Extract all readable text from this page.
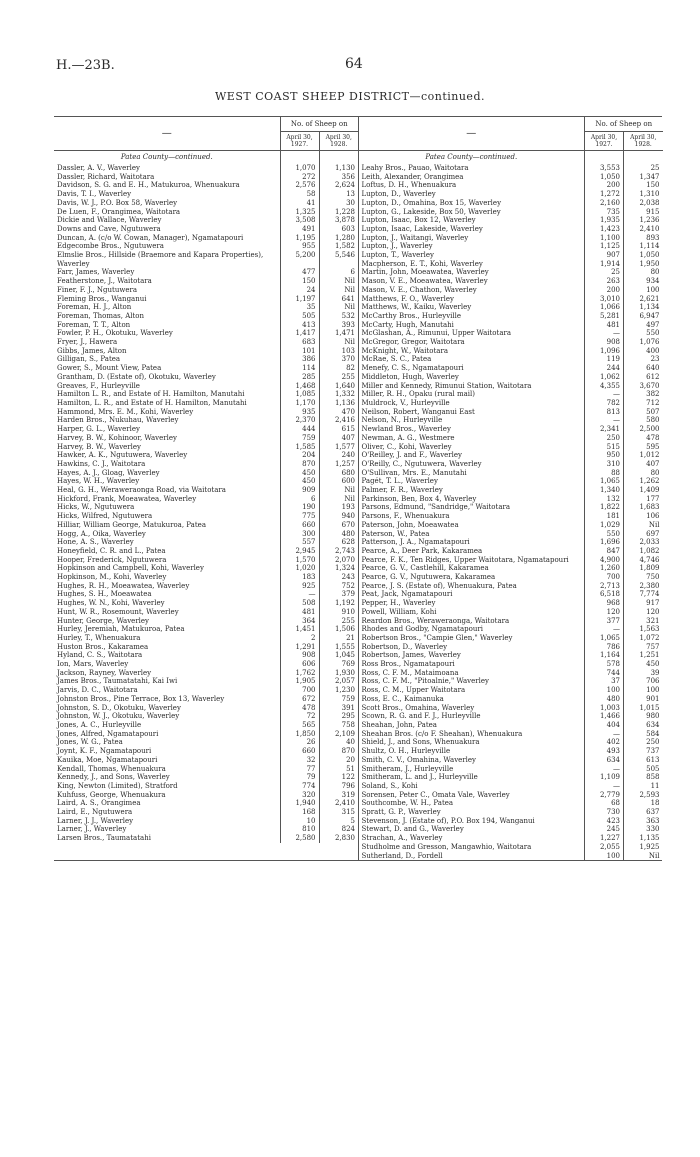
H.—23B.	64
WEST COAST SHEEP DISTRICT—continued.
—	No. of Sheep on
April 30, 1927.	April 30, 1928.
Patea County—continued.		
Dassler, A. V., Waverley	1,070	1,130
Dassler, Richard, Waitotara	272	356
Davidson, S. G. and E. H., Matukuroa, Whenuakura	2,576	2,624
Davis, T. I., Waverley	58	13
Davis, W. J., P.O. Box 58, Waverley	41	30
De Luen, F., Orangimea, Waitotara	1,325	1,228
Dickie and Wallace, Waverley	3,508	3,878
Downs and Cave, Ngutuwera	491	603
Duncan, A. (c/o W. Cowan, Manager), Ngamatapouri	1,195	1,280
Edgecombe Bros., Ngutuwera	955	1,582
Elmslie Bros., Hillside (Braemore and Kapara Properties), Waverley	5,200	5,546
Farr, James, Waverley	477	6
Featherstone, J., Waitotara	150	Nil
Finer, F. J., Ngutuwera	24	Nil
Fleming Bros., Wanganui	1,197	641
Foreman, H. J., Alton	35	Nil
Foreman, Thomas, Alton	505	532
Foreman, T. T., Alton	413	393
Fowler, P. H., Okotuku, Waverley	1,417	1,471
Fryer, J., Hawera	683	Nil
Gibbs, James, Alton	101	103
Gilligan, S., Patea	386	370
Gower, S., Mount View, Patea	114	82
Grantham, D. (Estate of), Okotuku, Waverley	285	255
Greaves, F., Hurleyville	1,468	1,640
Hamilton L. R., and Estate of H. Hamilton, Manutahi	1,085	1,332
Hamilton, L. R., and Estate of H. Hamilton, Manutahi	1,170	1,136
Hammond, Mrs. E. M., Kohi, Waverley	935	470
Harden Bros., Nukuhau, Waverley	2,370	2,416
Harper, G. L., Waverley	444	615
Harvey, B. W., Kohinoor, Waverley	759	407
Harvey, B. W., Waverley	1,585	1,577
Hawker, A. K., Ngutuwera, Waverley	204	240
Hawkins, C. J., Waitotara	870	1,257
Hayes, A. J., Gloag, Waverley	450	680
Hayes, W. H., Waverley	450	600
Heal, G. H., Weraweraonga Road, via Waitotara	909	Nil
Hickford, Frank, Moeawatea, Waverley	6	Nil
Hicks, W., Ngutuwera	190	193
Hicks, Wilfred, Ngutuwera	775	940
Hilliar, William George, Matukuroa, Patea	660	670
Hogg, A., Oika, Waverley	300	480
Hone, A. S., Waverley	557	628
Honeyfield, C. R. and L., Patea	2,945	2,743
Hooper, Frederick, Ngutuwera	1,570	2,070
Hopkinson and Campbell, Kohi, Waverley	1,020	1,324
Hopkinson, M., Kohi, Waverley	183	243
Hughes, R. H., Moeawatea, Waverley	925	752
Hughes, S. H., Moeawatea	—	379
Hughes, W. N., Kohi, Waverley	508	1,192
Hunt, W. R., Rosemount, Waverley	481	910
Hunter, George, Waverley	364	255
Hurley, Jeremiah, Matukuroa, Patea	1,451	1,506
Hurley, T., Whenuakura	2	21
Huston Bros., Kakaramea	1,291	1,555
Hyland, C. S., Waitotara	908	1,045
Ion, Mars, Waverley	606	769
Jackson, Rayney, Waverley	1,762	1,930
James Bros., Taumatatahi, Kai Iwi	1,905	2,057
Jarvis, D. C., Waitotara	700	1,230
Johnston Bros., Pine Terrace, Box 13, Waverley	672	759
Johnston, S. D., Okotuku, Waverley	478	391
Johnston, W. J., Okotuku, Waverley	72	295
Jones, A. C., Hurleyville	565	758
Jones, Alfred, Ngamatapouri	1,850	2,109
Jones, W. G., Patea	26	40
Joynt, K. F., Ngamatapouri	660	870
Kauika, Moe, Ngamatapouri	32	20
Kendall, Thomas, Whenuakura	77	51
Kennedy, J., and Sons, Waverley	79	122
King, Newton (Limited), Stratford	774	796
Kuhfuss, George, Whenuakura	320	319
Laird, A. S., Orangimea	1,940	2,410
Laird, E., Ngutuwera	168	315
Larner, J. J., Waverley	10	5
Larner, J., Waverley	810	824
Larsen Bros., Taumatatahi	2,580	2,830

—	No. of Sheep on
April 30, 1927.	April 30, 1928.
Patea County—continued.		
Leahy Bros., Pauao, Waitotara	3,553	25
Leith, Alexander, Orangimea	1,050	1,347
Loftus, D. H., Whenuakura	200	150
Lupton, D., Waverley	1,272	1,310
Lupton, D., Omahina, Box 15, Waverley	2,160	2,038
Lupton, G., Lakeside, Box 50, Waverley	735	915
Lupton, Isaac, Box 12, Waverley	1,935	1,236
Lupton, Isaac, Lakeside, Waverley	1,423	2,410
Lupton, J., Waitangi, Waverley	1,100	893
Lupton, J., Waverley	1,125	1,114
Lupton, T., Waverley	907	1,050
Macpherson, E. T., Kohi, Waverley	1,914	1,950
Martin, John, Moeawatea, Waverley	25	80
Mason, V. E., Moeawatea, Waverley	263	934
Mason, V. E., Chathon, Waverley	200	100
Matthews, F. O., Waverley	3,010	2,621
Matthews, W., Kaiku, Waverley	1,066	1,134
McCarthy Bros., Hurleyville	5,281	6,947
McCarty, Hugh, Manutahi	481	497
McGlashan, A., Rimunui, Upper Waitotara	—	550
McGregor, Gregor, Waitotara	908	1,076
McKnight, W., Waitotara	1,096	400
McRae, S. C., Patea	119	23
Menefy, C. S., Ngamatapouri	244	640
Middleton, Hugh, Waverley	1,062	612
Miller and Kennedy, Rimunui Station, Waitotara	4,355	3,670
Miller, R. H., Opaku (rural mail)	—	382
Muldrock, V., Hurleyville	782	712
Neilson, Robert, Wanganui East	813	507
Nelson, N., Hurleyville	—	580
Newland Bros., Waverley	2,341	2,500
Newman, A. G., Westmere	250	478
Oliver, C., Kohi, Waverley	515	595
O'Reilley, J. and F., Waverley	950	1,012
O'Reilly, C., Ngutuwera, Waverley	310	407
O'Sullivan, Mrs. E., Manutahi	88	80
Pagét, T. L., Waverley	1,065	1,262
Palmer, F. R., Waverley	1,340	1,409
Parkinson, Ben, Box 4, Waverley	132	177
Parsons, Edmund, "Sandridge," Waitotara	1,822	1,683
Parsons, F., Whenuakura	181	106
Paterson, John, Moeawatea	1,029	Nil
Paterson, W., Patea	550	697
Patterson, J. A., Ngamatapouri	1,696	2,033
Pearce, A., Deer Park, Kakaramea	847	1,082
Pearce, F. K., Ten Ridges, Upper Waitotara, Ngamatapouri	4,900	4,746
Pearce, G. V., Castlehill, Kakaramea	1,260	1,809
Pearce, G. V., Ngutuwera, Kakaramea	700	750
Pearce, J. S. (Estate of), Whenuakura, Patea	2,713	2,380
Peat, Jack, Ngamatapouri	6,518	7,774
Pepper, H., Waverley	968	917
Powell, William, Kohi	120	120
Reardon Bros., Weraweraonga, Waitotara	377	321
Rhodes and Godby, Ngamatapouri	—	1,563
Robertson Bros., "Campie Glen," Waverley	1,065	1,072
Robertson, D., Waverley	786	757
Robertson, James, Waverley	1,164	1,251
Ross Bros., Ngamatapouri	578	450
Ross, C. F. M., Mataimoana	744	39
Ross, C. F. M., "Pitoalnie," Waverley	37	706
Ross, C. M., Upper Waitotara	100	100
Ross, E. C., Kaimanuka	480	901
Scott Bros., Omahina, Waverley	1,003	1,015
Scown, R. G. and F. J., Hurleyville	1,466	980
Sheahan, John, Patea	404	634
Sheahan Bros. (c/o F. Sheahan), Whenuakura	—	584
Shield, J., and Sons, Whenuakura	402	250
Shultz, O. H., Hurleyville	493	737
Smith, C. V., Omahina, Waverley	634	613
Smitheram, J., Hurleyville	—	505
Smitheram, L. and J., Hurleyville	1,109	858
Soland, S., Kohi	—	11
Sorensen, Peter C., Omata Vale, Waverley	2,779	2,593
Southcombe, W. H., Patea	68	18
Spratt, G. P., Waverley	730	637
Stevenson, J. (Estate of), P.O. Box 194, Wanganui	423	363
Stewart, D. and G., Waverley	245	330
Strachan, A., Waverley	1,227	1,135
Studholme and Gresson, Mangawhio, Waitotara	2,055	1,925
Sutherland, D., Fordell	100	Nil
